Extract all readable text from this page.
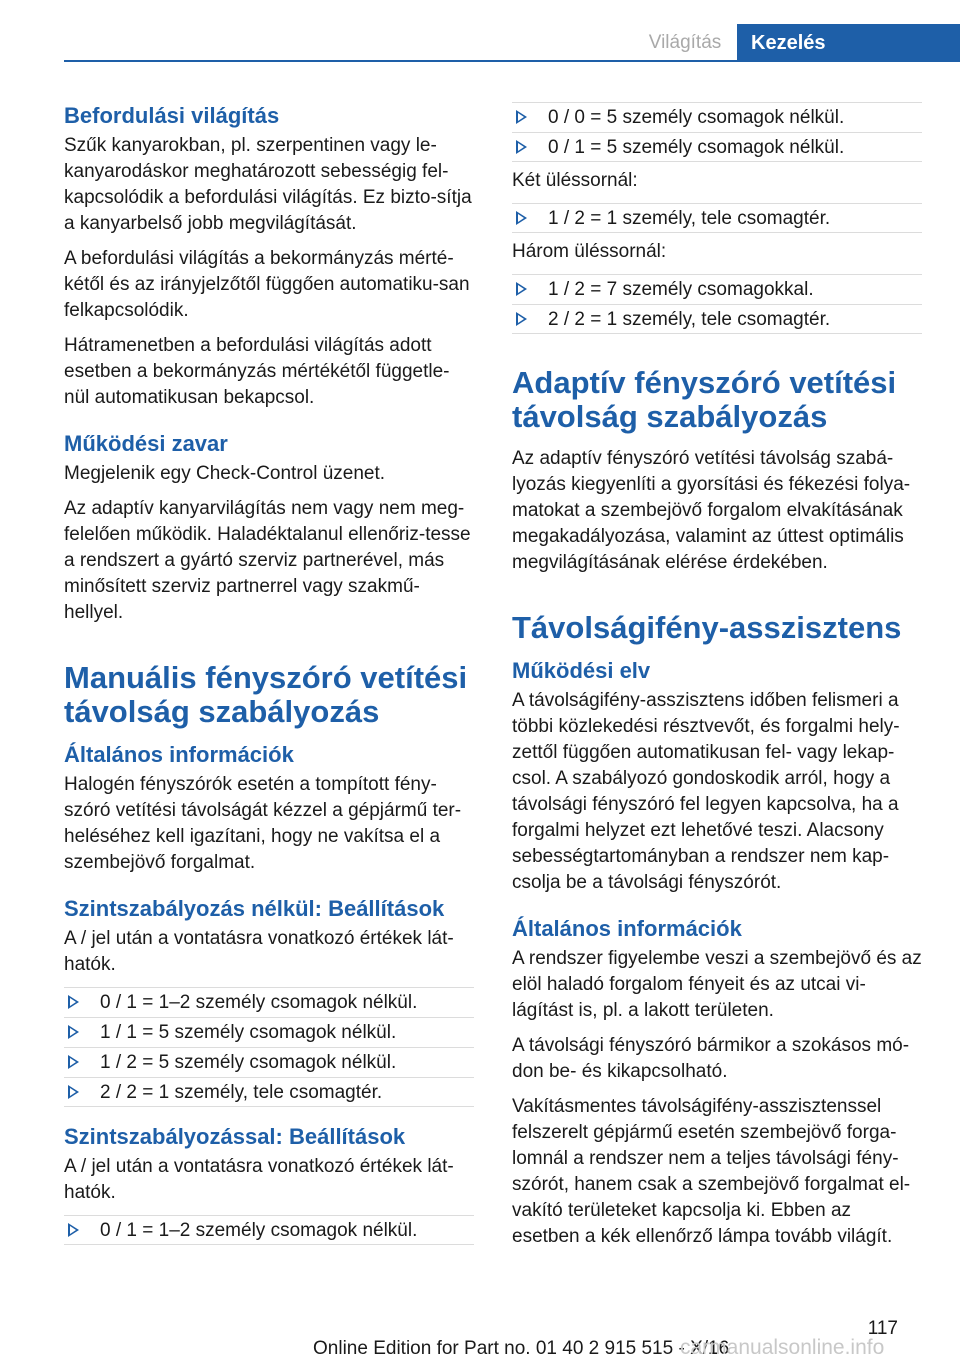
Világítás	Kezelés
Befordulási világítás

Szűk kanyarokban, pl. szerpentinen vagy le-kanyarodáskor meghatározott sebességig fel-kapcsolódik a befordulási világítás. Ez bizto-sítja a kanyarbelső jobb megvilágítását.

A befordulási világítás a bekormányzás mérté-kétől és az irányjelzőtől függően automatiku-san felkapcsolódik.

Hátramenetben a befordulási világítás adott esetben a bekormányzás mértékétől függetle-nül automatikusan bekapcsol.

Működési zavar

Megjelenik egy Check-Control üzenet.

Az adaptív kanyarvilágítás nem vagy nem meg-felelően működik. Haladéktalanul ellenőriz-tesse a rendszert a gyártó szerviz partnerével, más minősített szerviz partnerrel vagy szakmű-hellyel.

Manuális fényszóró vetítési távolság szabályozás
Általános információk

Halogén fényszórók esetén a tompított fény-szóró vetítési távolságát kézzel a gépjármű ter-heléséhez kell igazítani, hogy ne vakítsa el a szembejövő forgalmat.

Szintszabályozás nélkül: Beállítások

A / jel után a vontatásra vonatkozó értékek lát-hatók.

0 / 1 = 1–2 személy csomagok nélkül.
1 / 1 = 5 személy csomagok nélkül.
1 / 2 = 5 személy csomagok nélkül.
2 / 2 = 1 személy, tele csomagtér.
Szintszabályozással: Beállítások

A / jel után a vontatásra vonatkozó értékek lát-hatók.

0 / 1 = 1–2 személy csomagok nélkül.
0 / 0 = 5 személy csomagok nélkül.
0 / 1 = 5 személy csomagok nélkül.

Két üléssornál:

1 / 2 = 1 személy, tele csomagtér.

Három üléssornál:

1 / 2 = 7 személy csomagokkal.
2 / 2 = 1 személy, tele csomagtér.
Adaptív fényszóró vetítési távolság szabályozás

Az adaptív fényszóró vetítési távolság szabá-lyozás kiegyenlíti a gyorsítási és fékezési folya-matokat a szembejövő forgalom elvakításának megakadályozása, valamint az úttest optimális megvilágításának elérése érdekében.

Távolságifény-asszisztens
Működési elv

A távolságifény-asszisztens időben felismeri a többi közlekedési résztvevőt, és forgalmi hely-zettől függően automatikusan fel- vagy lekap-csol. A szabályozó gondoskodik arról, hogy a távolsági fényszóró fel legyen kapcsolva, ha a forgalmi helyzet ezt lehetővé teszi. Alacsony sebességtartományban a rendszer nem kap-csolja be a távolsági fényszórót.

Általános információk

A rendszer figyelembe veszi a szembejövő és az elöl haladó forgalom fényeit és az utcai vi-lágítást is, pl. a lakott területen.

A távolsági fényszóró bármikor a szokásos mó-don be- és kikapcsolható.

Vakításmentes távolságifény-asszisztenssel felszerelt gépjármű esetén szembejövő forga-lomnál a rendszer nem a teljes távolsági fény-szórót, hanem csak a szembejövő forgalmat el-vakító területeket kapcsolja ki. Ebben az esetben a kék ellenőrző lámpa tovább világít.

117
Online Edition for Part no. 01 40 2 915 515 - X/16
carmanualsonline.info
